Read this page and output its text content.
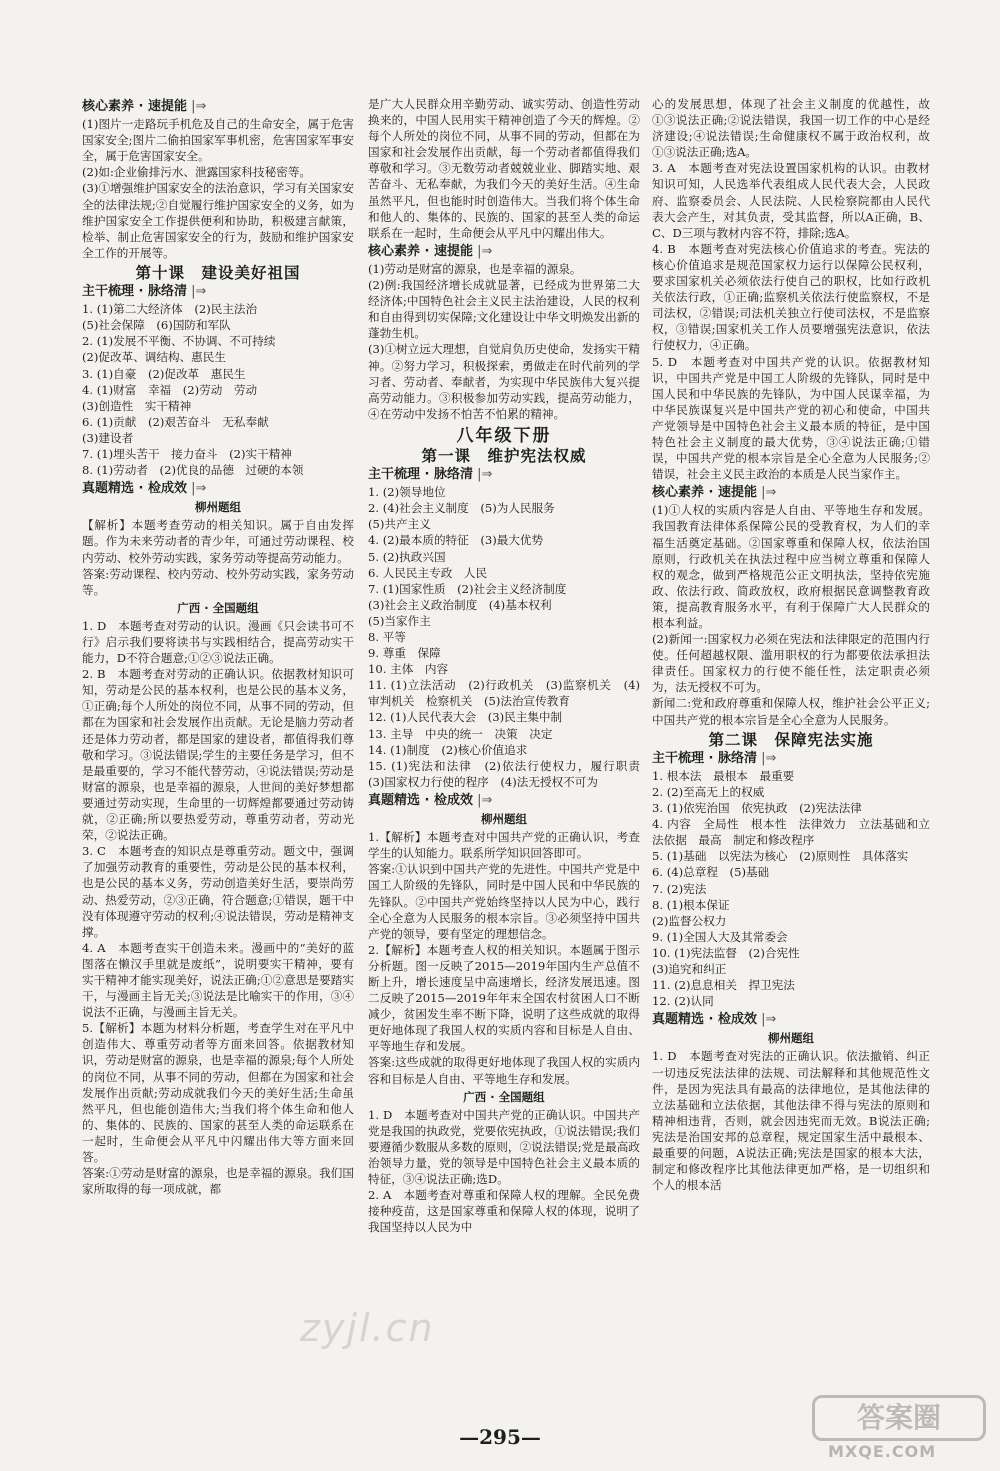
核心素养 · 速提能 |⇒
(1)图片一走路玩手机危及自己的生命安全，属于危害国家安全;图片二偷拍国家军事机密，危害国家军事安全，属于危害国家安全。
(2)如:企业偷排污水、泄露国家科技秘密等。
(3)①增强维护国家安全的法治意识，学习有关国家安全的法律法规;②自觉履行维护国家安全的义务，如为维护国家安全工作提供便利和协助，积极建言献策，检举、制止危害国家安全的行为，鼓励和维护国家安全工作的开展等。
第十课　建设美好祖国
主干梳理 · 脉络清 |⇒
1. (1)第二大经济体　(2)民主法治
(5)社会保障　(6)国防和军队
2. (1)发展不平衡、不协调、不可持续
(2)促改革、调结构、惠民生
3. (1)自豪　(2)促改革　惠民生
4. (1)财富　幸福　(2)劳动　劳动
(3)创造性　实干精神
6. (1)贡献　(2)艰苦奋斗　无私奉献
(3)建设者
7. (1)埋头苦干　接力奋斗　(2)实干精神
8. (1)劳动者　(2)优良的品德　过硬的本领
真题精选 · 检成效 |⇒
柳州题组
【解析】本题考查劳动的相关知识。属于自由发挥题。作为未来劳动者的青少年，可通过劳动课程、校内劳动、校外劳动实践，家务劳动等提高劳动能力。
答案:劳动课程、校内劳动、校外劳动实践，家务劳动等。
广西 · 全国题组
1. D　本题考查对劳动的认识。漫画《只会读书可不行》启示我们要将读书与实践相结合，提高劳动实干能力，D不符合题意;①②③说法正确。
2. B　本题考查对劳动的正确认识。依据教材知识可知，劳动是公民的基本权利，也是公民的基本义务，①正确;每个人所处的岗位不同，从事不同的劳动，但都在为国家和社会发展作出贡献。无论是脑力劳动者还是体力劳动者，都是国家的建设者，都值得我们尊敬和学习。③说法错误;学生的主要任务是学习，但不是最重要的，学习不能代替劳动，④说法错误;劳动是财富的源泉，也是幸福的源泉，人世间的美好梦想都要通过劳动实现，生命里的一切辉煌都要通过劳动铸就，②正确;所以要热爱劳动，尊重劳动者，劳动光荣，②说法正确。
3. C　本题考查的知识点是尊重劳动。题文中，强调了加强劳动教育的重要性，劳动是公民的基本权利，也是公民的基本义务，劳动创造美好生活，要崇尚劳动、热爱劳动，②③正确，符合题意;①错误，题干中没有体现遵守劳动的权利;④说法错误，劳动是精神支撑。
4. A　本题考查实干创造未来。漫画中的“美好的蓝图落在懒汉手里就是废纸”，说明要实干精神，要有实干精神才能实现美好，说法正确;①②意思是要踏实干，与漫画主旨无关;③说法是比喻实干的作用，③④说法不正确，与漫画主旨无关。
5.【解析】本题为材料分析题，考查学生对在平凡中创造伟大、尊重劳动者等方面来回答。依据教材知识，劳动是财富的源泉，也是幸福的源泉;每个人所处的岗位不同，从事不同的劳动，但都在为国家和社会发展作出贡献;劳动成就我们今天的美好生活;生命虽然平凡，但也能创造伟大;当我们将个体生命和他人的、集体的、民族的、国家的甚至人类的命运联系在一起时，生命便会从平凡中闪耀出伟大等方面来回答。
答案:①劳动是财富的源泉，也是幸福的源泉。我们国家所取得的每一项成就，都
是广大人民群众用辛勤劳动、诚实劳动、创造性劳动换来的，中国人民用实干精神创造了今天的辉煌。②每个人所处的岗位不同，从事不同的劳动，但都在为国家和社会发展作出贡献，每一个劳动者都值得我们尊敬和学习。③无数劳动者兢兢业业、脚踏实地、艰苦奋斗、无私奉献，为我们今天的美好生活。④生命虽然平凡，但也能时时创造伟大。当我们将个体生命和他人的、集体的、民族的、国家的甚至人类的命运联系在一起时，生命便会从平凡中闪耀出伟大。
核心素养 · 速提能 |⇒
(1)劳动是财富的源泉，也是幸福的源泉。
(2)例:我国经济增长成就显著，已经成为世界第二大经济体;中国特色社会主义民主法治建设，人民的权利和自由得到切实保障;文化建设让中华文明焕发出新的蓬勃生机。
(3)①树立远大理想，自觉肩负历史使命，发扬实干精神。②努力学习，积极探索，勇做走在时代前列的学习者、劳动者、奉献者，为实现中华民族伟大复兴提高劳动能力。③积极参加劳动实践，提高劳动能力，④在劳动中发扬不怕苦不怕累的精神。
八年级下册
第一课　维护宪法权威
主干梳理 · 脉络清 |⇒
1. (2)领导地位
2. (4)社会主义制度　(5)为人民服务
(5)共产主义
4. (2)最本质的特征　(3)最大优势
5. (2)执政兴国
6. 人民民主专政　人民
7. (1)国家性质　(2)社会主义经济制度
(3)社会主义政治制度　(4)基本权利
(5)当家作主
8. 平等
9. 尊重　保障
10. 主体　内容
11. (1)立法活动　(2)行政机关　(3)监察机关　(4)审判机关　检察机关　(5)法治宣传教育
12. (1)人民代表大会　(3)民主集中制
13. 主导　中央的统一　决策　决定
14. (1)制度　(2)核心价值追求
15. (1)宪法和法律　(2)依法行使权力，履行职责　(3)国家权力行使的程序　(4)法无授权不可为
真题精选 · 检成效 |⇒
柳州题组
1.【解析】本题考查对中国共产党的正确认识，考查学生的认知能力。联系所学知识回答即可。
答案:①认识到中国共产党的先进性。中国共产党是中国工人阶级的先锋队，同时是中国人民和中华民族的先锋队。②中国共产党始终坚持以人民为中心，践行全心全意为人民服务的根本宗旨。③必须坚持中国共产党的领导，要有坚定的理想信念。
2.【解析】本题考查人权的相关知识。本题属于图示分析题。图一反映了2015—2019年国内生产总值不断上升，增长速度呈中高速增长，经济发展迅速。图二反映了2015—2019年年末全国农村贫困人口不断减少，贫困发生率不断下降，说明了这些成就的取得更好地体现了我国人权的实质内容和目标是人自由、平等地生存和发展。
答案:这些成就的取得更好地体现了我国人权的实质内容和目标是人自由、平等地生存和发展。
广西 · 全国题组
1. D　本题考查对中国共产党的正确认识。中国共产党是我国的执政党，党要依宪执政，①说法错误;我们要遵循少数服从多数的原则，②说法错误;党是最高政治领导力量，党的领导是中国特色社会主义最本质的特征，③④说法正确;选D。
2. A　本题考查对尊重和保障人权的理解。全民免费接种疫苗，这是国家尊重和保障人权的体现，说明了我国坚持以人民为中
心的发展思想，体现了社会主义制度的优越性，故①③说法正确;②说法错误，我国一切工作的中心是经济建设;④说法错误;生命健康权不属于政治权利，故①③说法正确;选A。
3. A　本题考查对宪法设置国家机构的认识。由教材知识可知，人民选举代表组成人民代表大会，人民政府、监察委员会、人民法院、人民检察院都由人民代表大会产生，对其负责，受其监督，所以A正确，B、C、D三项与教材内容不符，排除;选A。
4. B　本题考查对宪法核心价值追求的考查。宪法的核心价值追求是规范国家权力运行以保障公民权利，要求国家机关必须依法行使自己的职权，比如行政机关依法行政，①正确;监察机关依法行使监察权，不是司法权，②错误;司法机关独立行使司法权，不是监察权，③错误;国家机关工作人员要增强宪法意识，依法行使权力，④正确。
5. D　本题考查对中国共产党的认识。依据教材知识，中国共产党是中国工人阶级的先锋队，同时是中国人民和中华民族的先锋队，为中国人民谋幸福，为中华民族谋复兴是中国共产党的初心和使命，中国共产党领导是中国特色社会主义最本质的特征，是中国特色社会主义制度的最大优势，③④说法正确;①错误，中国共产党的根本宗旨是全心全意为人民服务;②错误，社会主义民主政治的本质是人民当家作主。
核心素养 · 速提能 |⇒
(1)①人权的实质内容是人自由、平等地生存和发展。我国教育法律体系保障公民的受教育权，为人们的幸福生活奠定基础。②国家尊重和保障人权，依法治国原则，行政机关在执法过程中应当树立尊重和保障人权的观念，做到严格规范公正文明执法，坚持依宪施政、依法行政、简政放权，政府根据民意调整教育政策，提高教育服务水平，有利于保障广大人民群众的根本利益。
(2)新闻一:国家权力必须在宪法和法律限定的范围内行使。任何超越权限、滥用职权的行为都要依法承担法律责任。国家权力的行使不能任性，法定职责必须为，法无授权不可为。
新闻二:党和政府尊重和保障人权，维护社会公平正义;中国共产党的根本宗旨是全心全意为人民服务。
第二课　保障宪法实施
主干梳理 · 脉络清 |⇒
1. 根本法　最根本　最重要
2. (2)至高无上的权威
3. (1)依宪治国　依宪执政　(2)宪法法律
4. 内容　全局性　根本性　法律效力　立法基础和立法依据　最高　制定和修改程序
5. (1)基础　以宪法为核心　(2)原则性　具体落实
6. (4)总章程　(5)基础
7. (2)宪法
8. (1)根本保证
(2)监督公权力
9. (1)全国人大及其常委会
10. (1)宪法监督　(2)合宪性
(3)追究和纠正
11. (2)息息相关　捍卫宪法
12. (2)认同
真题精选 · 检成效 |⇒
柳州题组
1. D　本题考查对宪法的正确认识。依法撤销、纠正一切违反宪法法律的法规、司法解释和其他规范性文件，是因为宪法具有最高的法律地位，是其他法律的立法基础和立法依据，其他法律不得与宪法的原则和精神相违背，否则，就会因违宪而无效。B说法正确;宪法是治国安邦的总章程，规定国家生活中最根本、最重要的问题，A说法正确;宪法是国家的根本大法，制定和修改程序比其他法律更加严格，是一切组织和个人的根本活
—295—
zyjl.cn
答案圈
MXQE.COM
